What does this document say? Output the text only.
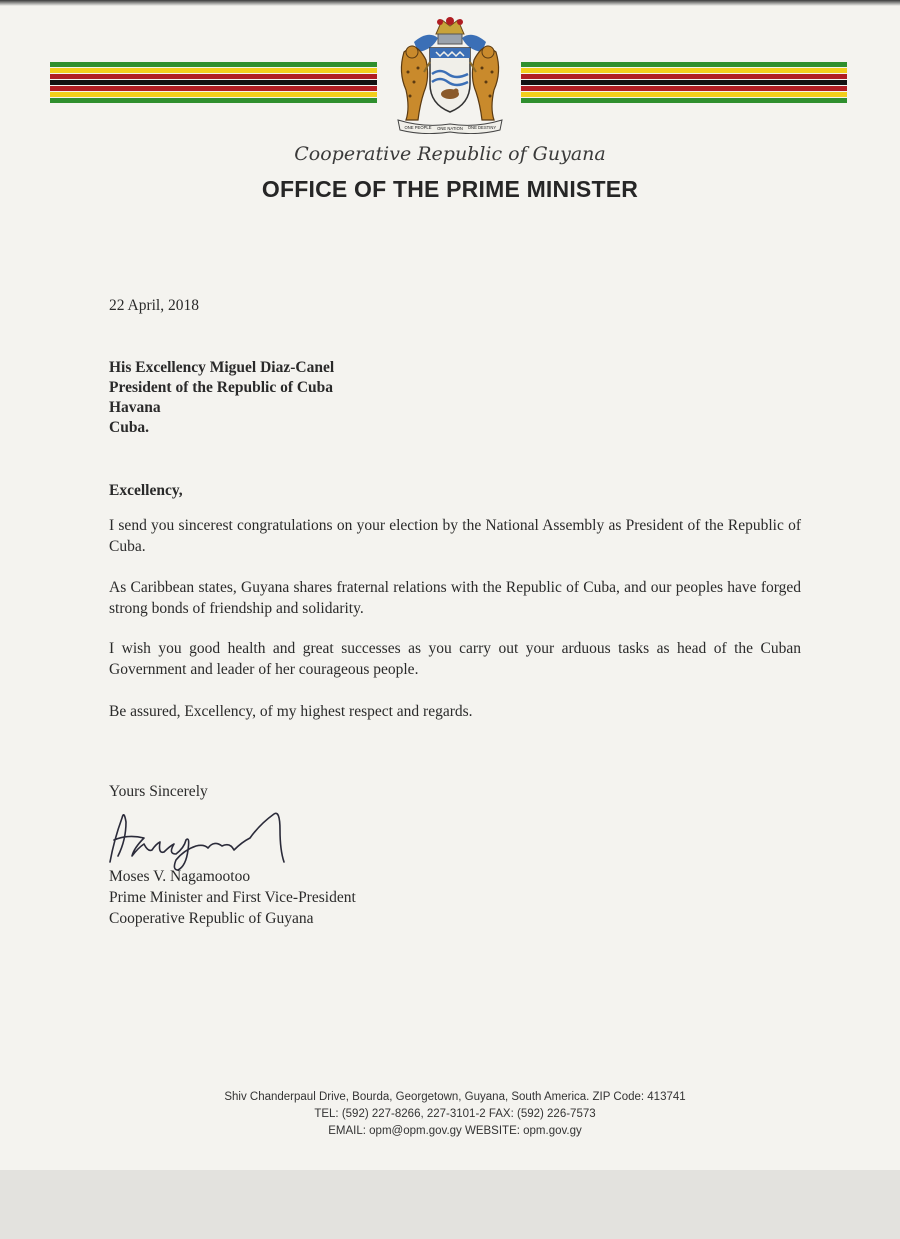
ONE PEOPLE ONE NATION ONE DESTINY
Cooperative Republic of Guyana
OFFICE OF THE PRIME MINISTER
22 April, 2018
His Excellency Miguel Diaz-Canel
President of the Republic of Cuba
Havana
Cuba.
Excellency,
I send you sincerest congratulations on your election by the National Assembly as President of the Republic of Cuba.
As Caribbean states, Guyana shares fraternal relations with the Republic of Cuba, and our peoples have forged strong bonds of friendship and solidarity.
I wish you good health and great successes as you carry out your arduous tasks as head of the Cuban Government and leader of her courageous people.
Be assured, Excellency, of my highest respect and regards.
Yours Sincerely
Moses V. Nagamootoo
Prime Minister and First Vice-President
Cooperative Republic of Guyana
Shiv Chanderpaul Drive, Bourda, Georgetown, Guyana, South America. ZIP Code: 413741
TEL: (592) 227-8266, 227-3101-2 FAX: (592) 226-7573
EMAIL: opm@opm.gov.gy WEBSITE: opm.gov.gy
